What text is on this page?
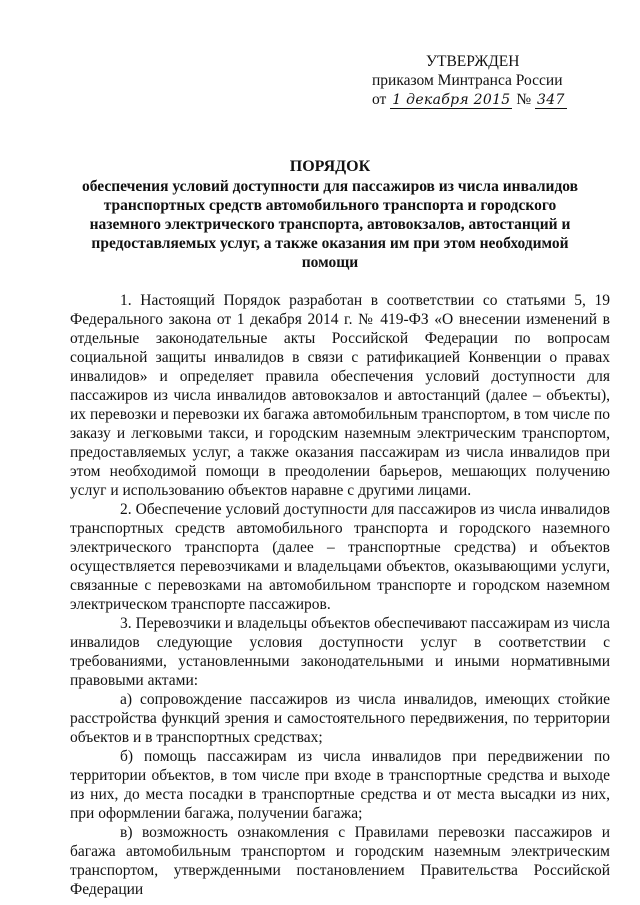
УТВЕРЖДЕН
приказом Минтранса России
от 1 декабря 2015 № 347
ПОРЯДОК
обеспечения условий доступности для пассажиров из числа инвалидов транспортных средств автомобильного транспорта и городского наземного электрического транспорта, автовокзалов, автостанций и предоставляемых услуг, а также оказания им при этом необходимой помощи

1. Настоящий Порядок разработан в соответствии со статьями 5, 19 Федерального закона от 1 декабря 2014 г. № 419-ФЗ «О внесении изменений в отдельные законодательные акты Российской Федерации по вопросам социальной защиты инвалидов в связи с ратификацией Конвенции о правах инвалидов» и определяет правила обеспечения условий доступности для пассажиров из числа инвалидов автовокзалов и автостанций (далее – объекты), их перевозки и перевозки их багажа автомобильным транспортом, в том числе по заказу и легковыми такси, и городским наземным электрическим транспортом, предоставляемых услуг, а также оказания пассажирам из числа инвалидов при этом необходимой помощи в преодолении барьеров, мешающих получению услуг и использованию объектов наравне с другими лицами.

2. Обеспечение условий доступности для пассажиров из числа инвалидов транспортных средств автомобильного транспорта и городского наземного электрического транспорта (далее – транспортные средства) и объектов осуществляется перевозчиками и владельцами объектов, оказывающими услуги, связанные с перевозками на автомобильном транспорте и городском наземном электрическом транспорте пассажиров.

3. Перевозчики и владельцы объектов обеспечивают пассажирам из числа инвалидов следующие условия доступности услуг в соответствии с требованиями, установленными законодательными и иными нормативными правовыми актами:

а) сопровождение пассажиров из числа инвалидов, имеющих стойкие расстройства функций зрения и самостоятельного передвижения, по территории объектов и в транспортных средствах;

б) помощь пассажирам из числа инвалидов при передвижении по территории объектов, в том числе при входе в транспортные средства и выходе из них, до места посадки в транспортные средства и от места высадки из них, при оформлении багажа, получении багажа;

в) возможность ознакомления с Правилами перевозки пассажиров и багажа автомобильным транспортом и городским наземным электрическим транспортом, утвержденными постановлением Правительства Российской Федерации
